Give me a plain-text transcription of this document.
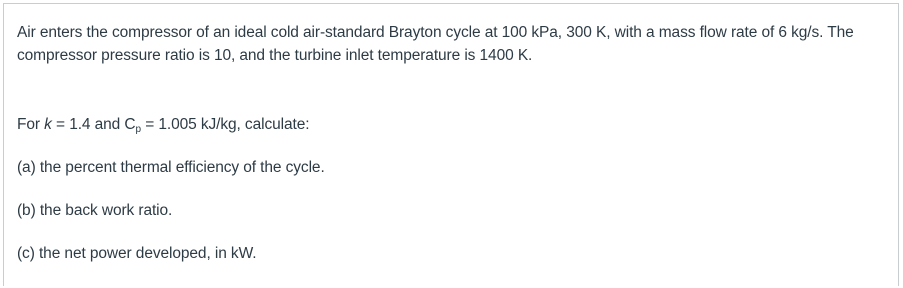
Air enters the compressor of an ideal cold air-standard Brayton cycle at 100 kPa, 300 K, with a mass flow rate of 6 kg/s. The compressor pressure ratio is 10, and the turbine inlet temperature is 1400 K.

For k = 1.4 and $C_p = 1.005$ kJ/kg, calculate:

(a) the percent thermal efficiency of the cycle.

(b) the back work ratio.

(c) the net power developed, in kW.
